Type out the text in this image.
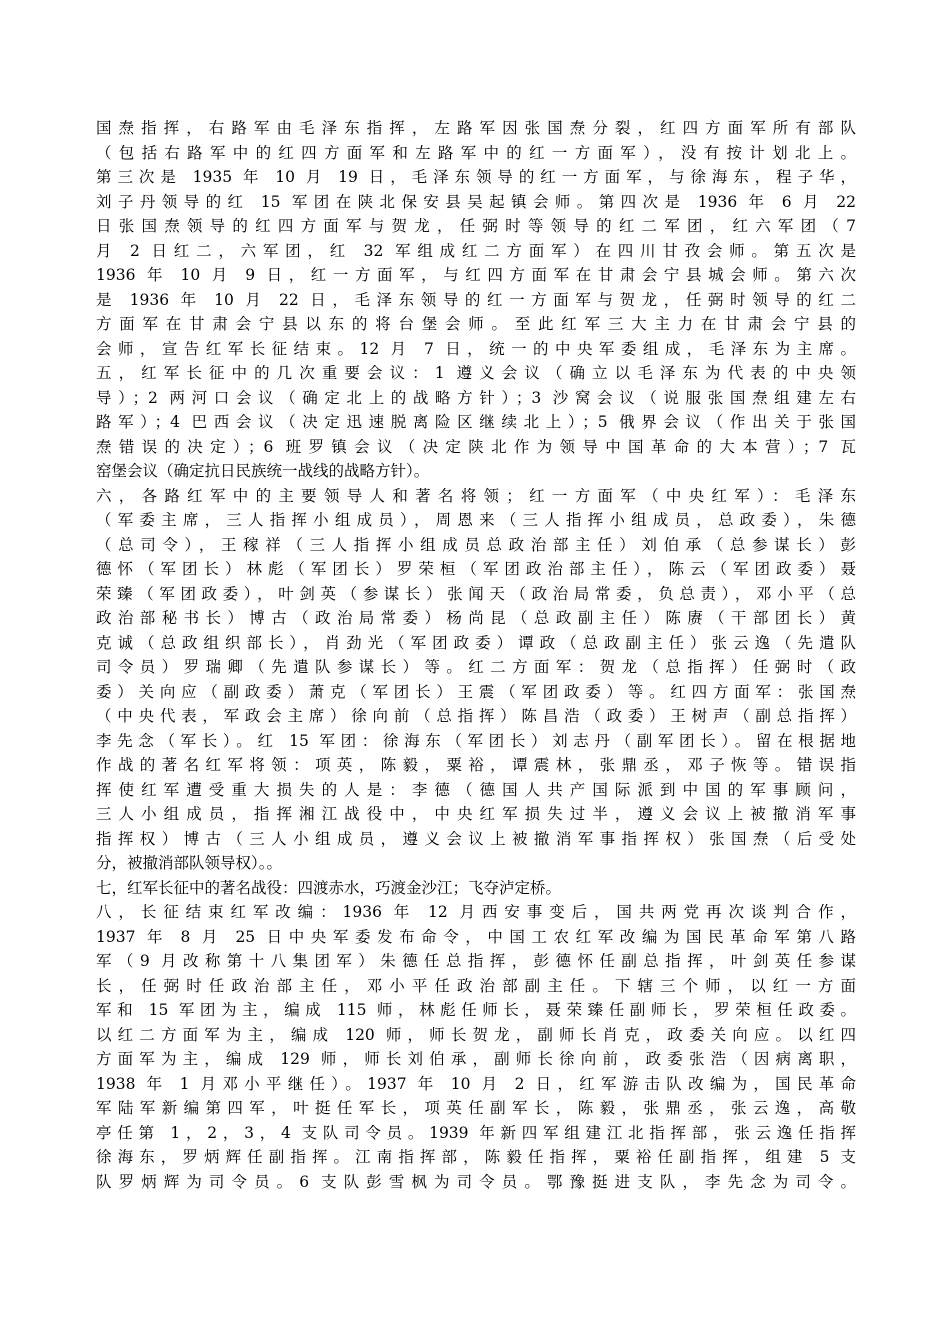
国焘指挥，右路军由毛泽东指挥，左路军因张国焘分裂，红四方面军所有部队
（包括右路军中的红四方面军和左路军中的红一方面军），没有按计划北上。
第三次是 1935 年 10 月 19 日，毛泽东领导的红一方面军，与徐海东，程子华，
刘子丹领导的红 15 军团在陕北保安县吴起镇会师。第四次是 1936 年 6 月 22
日张国焘领导的红四方面军与贺龙，任弼时等领导的红二军团，红六军团（7
月 2 日红二，六军团，红 32 军组成红二方面军）在四川甘孜会师。第五次是
1936 年 10 月 9 日，红一方面军，与红四方面军在甘肃会宁县城会师。第六次
是 1936 年 10 月 22 日，毛泽东领导的红一方面军与贺龙，任弼时领导的红二
方面军在甘肃会宁县以东的将台堡会师。至此红军三大主力在甘肃会宁县的
会师，宣告红军长征结束。12 月 7 日，统一的中央军委组成，毛泽东为主席。
五，红军长征中的几次重要会议：1 遵义会议（确立以毛泽东为代表的中央领
导）；2 两河口会议（确定北上的战略方针）；3 沙窝会议（说服张国焘组建左右
路军）；4 巴西会议（决定迅速脱离险区继续北上）；5 俄界会议（作出关于张国
焘错误的决定）；6 班罗镇会议（决定陕北作为领导中国革命的大本营）；7 瓦
窑堡会议（确定抗日民族统一战线的战略方针）。
六，各路红军中的主要领导人和著名将领；红一方面军（中央红军）：毛泽东
（军委主席，三人指挥小组成员），周恩来（三人指挥小组成员，总政委），朱德
（总司令），王稼祥（三人指挥小组成员总政治部主任）刘伯承（总参谋长）彭
德怀（军团长）林彪（军团长）罗荣桓（军团政治部主任），陈云（军团政委）聂
荣臻（军团政委），叶剑英（参谋长）张闻天（政治局常委，负总责），邓小平（总
政治部秘书长）博古（政治局常委）杨尚昆（总政副主任）陈赓（干部团长）黄
克诚（总政组织部长），肖劲光（军团政委）谭政（总政副主任）张云逸（先遣队
司令员）罗瑞卿（先遣队参谋长）等。红二方面军：贺龙（总指挥）任弼时（政
委）关向应（副政委）萧克（军团长）王震（军团政委）等。红四方面军：张国焘
（中央代表，军政会主席）徐向前（总指挥）陈昌浩（政委）王树声（副总指挥）
李先念（军长）。红 15 军团：徐海东（军团长）刘志丹（副军团长）。留在根据地
作战的著名红军将领：项英，陈毅，粟裕，谭震林，张鼎丞，邓子恢等。错误指
挥使红军遭受重大损失的人是：李德（德国人共产国际派到中国的军事顾问，
三人小组成员，指挥湘江战役中，中央红军损失过半，遵义会议上被撤消军事
指挥权）博古（三人小组成员，遵义会议上被撤消军事指挥权）张国焘（后受处
分，被撤消部队领导权）。。
七，红军长征中的著名战役：四渡赤水，巧渡金沙江；飞夺泸定桥。
八，长征结束红军改编：1936 年 12 月西安事变后，国共两党再次谈判合作，
1937 年 8 月 25 日中央军委发布命令，中国工农红军改编为国民革命军第八路
军（9 月改称第十八集团军）朱德任总指挥，彭德怀任副总指挥，叶剑英任参谋
长，任弼时任政治部主任，邓小平任政治部副主任。下辖三个师，以红一方面
军和 15 军团为主，编成 115 师，林彪任师长，聂荣臻任副师长，罗荣桓任政委。
以红二方面军为主，编成 120 师，师长贺龙，副师长肖克，政委关向应。以红四
方面军为主，编成 129 师，师长刘伯承，副师长徐向前，政委张浩（因病离职，
1938 年 1 月邓小平继任）。1937 年 10 月 2 日，红军游击队改编为，国民革命
军陆军新编第四军，叶挺任军长，项英任副军长，陈毅，张鼎丞，张云逸，高敬
亭任第 1，2，3，4 支队司令员。1939 年新四军组建江北指挥部，张云逸任指挥
徐海东，罗炳辉任副指挥。江南指挥部，陈毅任指挥，粟裕任副指挥，组建 5 支
队罗炳辉为司令员。6 支队彭雪枫为司令员。鄂豫挺进支队，李先念为司令。
